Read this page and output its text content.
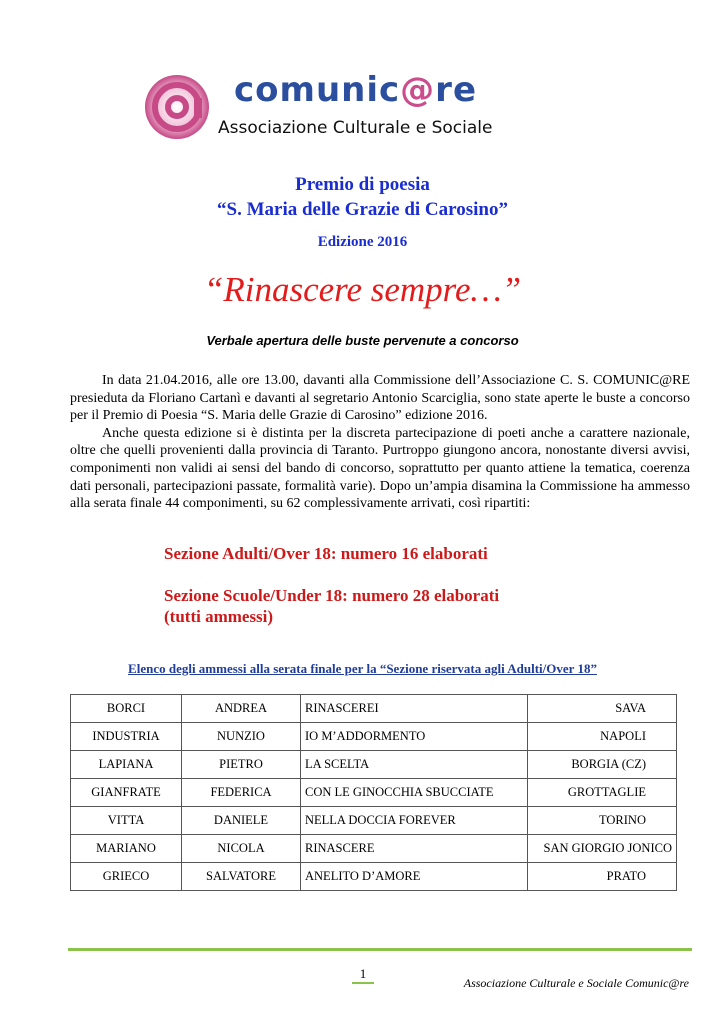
comunic@re
Associazione Culturale e Sociale
Premio di poesia
“S. Maria delle Grazie di Carosino”
Edizione 2016
“Rinascere sempre…”
Verbale apertura delle buste pervenute a concorso

In data 21.04.2016, alle ore 13.00, davanti alla Commissione dell’Associazione C. S. COMUNIC@RE presieduta da Floriano Cartanì e davanti al segretario Antonio Scarciglia, sono state aperte le buste a concorso per il Premio di Poesia “S. Maria delle Grazie di Carosino” edizione 2016.

Anche questa edizione si è distinta per la discreta partecipazione di poeti anche a carattere nazionale, oltre che quelli provenienti dalla provincia di Taranto. Purtroppo giungono ancora, nonostante diversi avvisi, componimenti non validi ai sensi del bando di concorso, soprattutto per quanto attiene la tematica, coerenza dati personali, partecipazioni passate, formalità varie). Dopo un’ampia disamina la Commissione ha ammesso alla serata finale 44 componimenti, su 62 complessivamente arrivati, così ripartiti:

Sezione Adulti/Over 18: numero 16 elaborati
Sezione Scuole/Under 18: numero 28 elaborati
(tutti ammessi)
Elenco degli ammessi alla serata finale per la “Sezione riservata agli Adulti/Over 18”
BORCI	ANDREA	RINASCEREI	SAVA
INDUSTRIA	NUNZIO	IO M’ADDORMENTO	NAPOLI
LAPIANA	PIETRO	LA SCELTA	BORGIA (CZ)
GIANFRATE	FEDERICA	CON LE GINOCCHIA SBUCCIATE	GROTTAGLIE
VITTA	DANIELE	NELLA DOCCIA FOREVER	TORINO
MARIANO	NICOLA	RINASCERE	SAN GIORGIO JONICO
GRIECO	SALVATORE	ANELITO D’AMORE	PRATO
1
Associazione Culturale e Sociale Comunic@re
